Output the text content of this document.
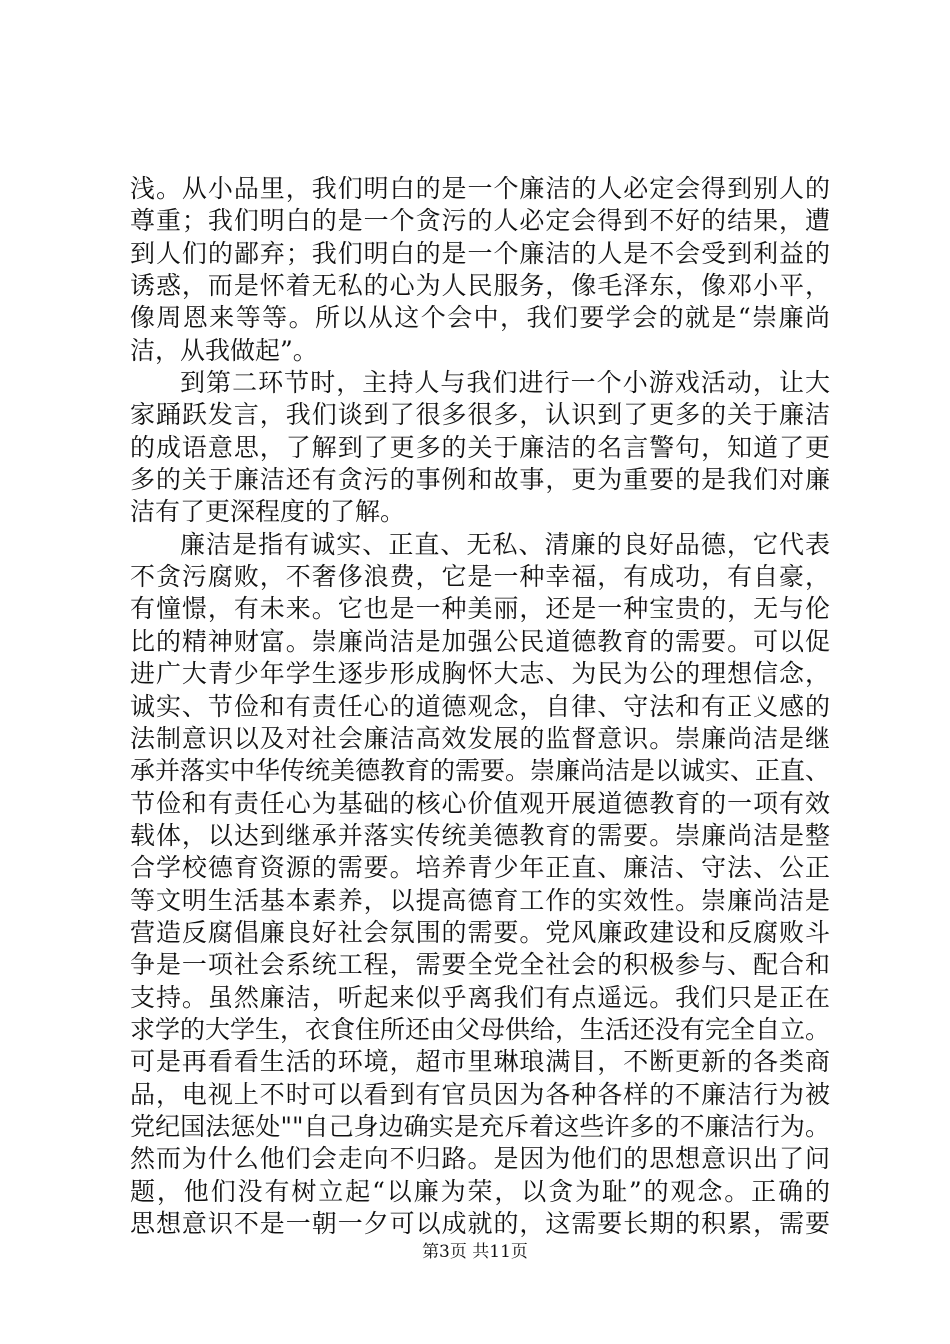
浅。从小品里，我们明白的是一个廉洁的人必定会得到别人的
尊重；我们明白的是一个贪污的人必定会得到不好的结果，遭
到人们的鄙弃；我们明白的是一个廉洁的人是不会受到利益的
诱惑，而是怀着无私的心为人民服务，像毛泽东，像邓小平，
像周恩来等等。所以从这个会中，我们要学会的就是“崇廉尚
洁，从我做起”。
到第二环节时，主持人与我们进行一个小游戏活动，让大
家踊跃发言，我们谈到了很多很多，认识到了更多的关于廉洁
的成语意思，了解到了更多的关于廉洁的名言警句，知道了更
多的关于廉洁还有贪污的事例和故事，更为重要的是我们对廉
洁有了更深程度的了解。
廉洁是指有诚实、正直、无私、清廉的良好品德，它代表
不贪污腐败，不奢侈浪费，它是一种幸福，有成功，有自豪，
有憧憬，有未来。它也是一种美丽，还是一种宝贵的，无与伦
比的精神财富。崇廉尚洁是加强公民道德教育的需要。可以促
进广大青少年学生逐步形成胸怀大志、为民为公的理想信念，
诚实、节俭和有责任心的道德观念，自律、守法和有正义感的
法制意识以及对社会廉洁高效发展的监督意识。崇廉尚洁是继
承并落实中华传统美德教育的需要。崇廉尚洁是以诚实、正直、
节俭和有责任心为基础的核心价值观开展道德教育的一项有效
载体，以达到继承并落实传统美德教育的需要。崇廉尚洁是整
合学校德育资源的需要。培养青少年正直、廉洁、守法、公正
等文明生活基本素养，以提高德育工作的实效性。崇廉尚洁是
营造反腐倡廉良好社会氛围的需要。党风廉政建设和反腐败斗
争是一项社会系统工程，需要全党全社会的积极参与、配合和
支持。虽然廉洁，听起来似乎离我们有点遥远。我们只是正在
求学的大学生，衣食住所还由父母供给，生活还没有完全自立。
可是再看看生活的环境，超市里琳琅满目，不断更新的各类商
品，电视上不时可以看到有官员因为各种各样的不廉洁行为被
党纪国法惩处""自己身边确实是充斥着这些许多的不廉洁行为。
然而为什么他们会走向不归路。是因为他们的思想意识出了问
题，他们没有树立起“以廉为荣，以贪为耻”的观念。正确的
思想意识不是一朝一夕可以成就的，这需要长期的积累，需要
第3页 共11页
